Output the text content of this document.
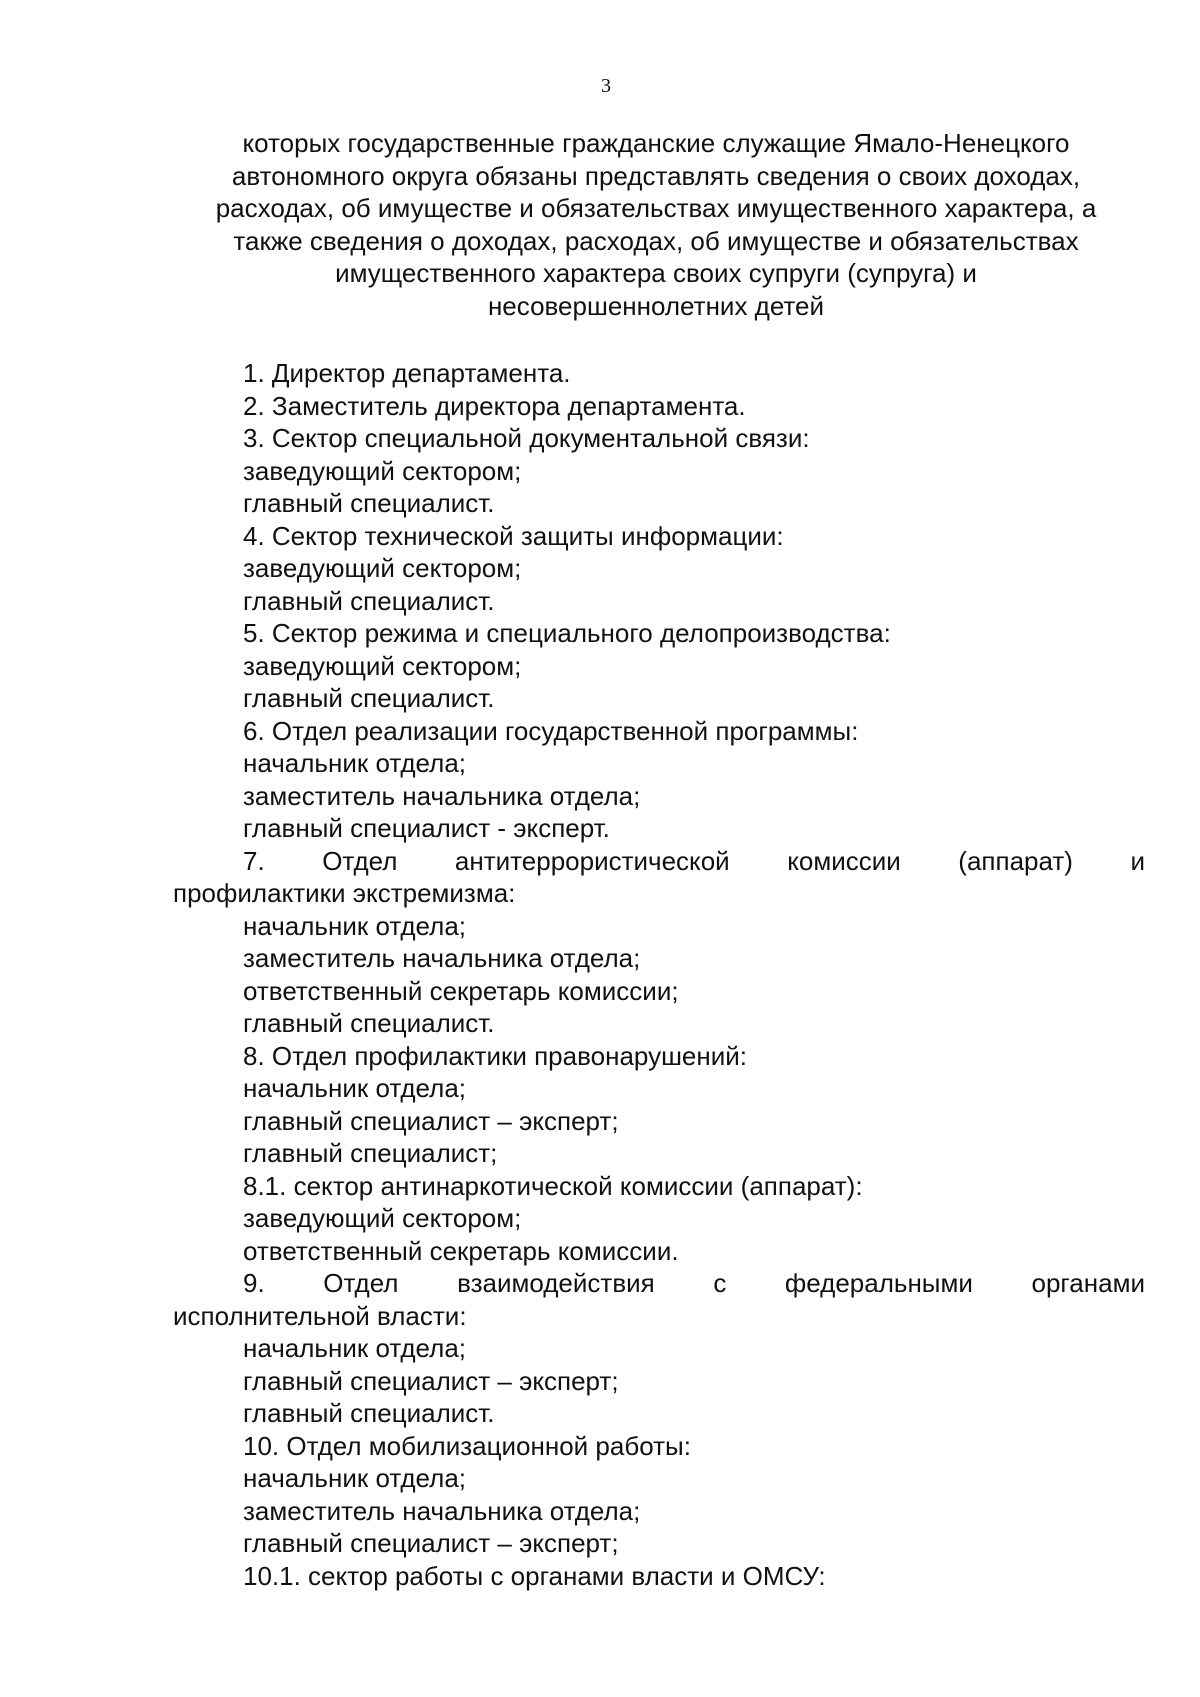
3
которых государственные гражданские служащие Ямало-Ненецкого
автономного округа обязаны представлять сведения о своих доходах,
расходах, об имуществе и обязательствах имущественного характера, а
также сведения о доходах, расходах, об имуществе и обязательствах
имущественного характера своих супруги (супруга) и
несовершеннолетних детей
1. Директор департамента.
2. Заместитель директора департамента.
3. Сектор специальной документальной связи:
заведующий сектором;
главный специалист.
4. Сектор технической защиты информации:
заведующий сектором;
главный специалист.
5. Сектор режима и специального делопроизводства:
заведующий сектором;
главный специалист.
6. Отдел реализации государственной программы:
начальник отдела;
заместитель начальника отдела;
главный специалист - эксперт.
7. Отдел антитеррористической комиссии (аппарат) и
профилактики экстремизма:
начальник отдела;
заместитель начальника отдела;
ответственный секретарь комиссии;
главный специалист.
8. Отдел профилактики правонарушений:
начальник отдела;
главный специалист – эксперт;
главный специалист;
8.1. сектор антинаркотической комиссии (аппарат):
заведующий сектором;
ответственный секретарь комиссии.
9. Отдел взаимодействия с федеральными органами
исполнительной власти:
начальник отдела;
главный специалист – эксперт;
главный специалист.
10. Отдел мобилизационной работы:
начальник отдела;
заместитель начальника отдела;
главный специалист – эксперт;
10.1. сектор работы с органами власти и ОМСУ:
